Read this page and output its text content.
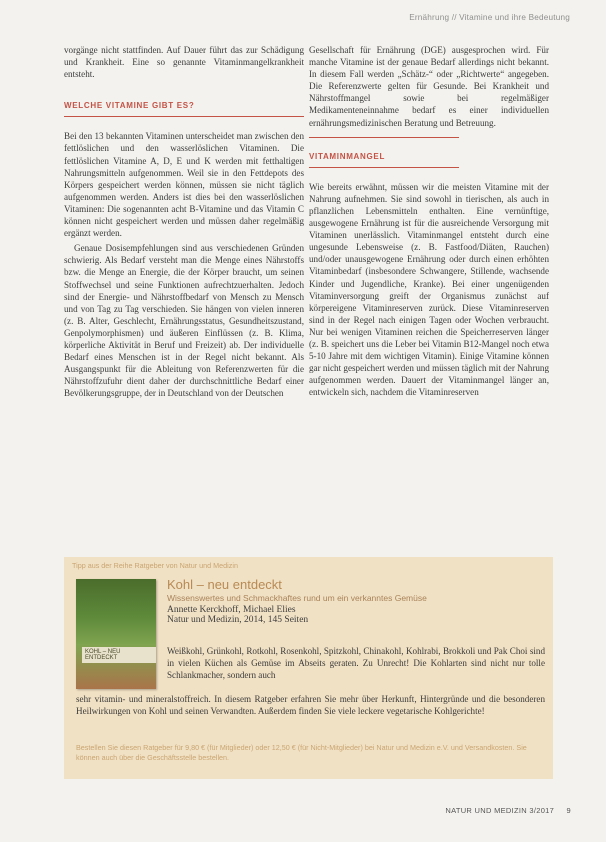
Ernährung // Vitamine und ihre Bedeutung

vorgänge nicht stattfinden. Auf Dauer führt das zur Schädigung und Krankheit. Eine so genannte Vitaminmangelkrankheit entsteht.

WELCHE VITAMINE GIBT ES?

Bei den 13 bekannten Vitaminen unterscheidet man zwischen den fettlöslichen und den wasserlöslichen Vitaminen. Die fettlöslichen Vitamine A, D, E und K werden mit fetthaltigen Nahrungsmitteln aufgenommen. Weil sie in den Fettdepots des Körpers gespeichert werden können, müssen sie nicht täglich aufgenommen werden. Anders ist dies bei den wasserlöslichen Vitaminen: Die sogenannten acht B-Vitamine und das Vitamin C können nicht gespeichert werden und müssen daher regelmäßig ergänzt werden.

Genaue Dosisempfehlungen sind aus verschiedenen Gründen schwierig. Als Bedarf versteht man die Menge eines Nährstoffs bzw. die Menge an Energie, die der Körper braucht, um seinen Stoffwechsel und seine Funktionen aufrechtzuerhalten. Jedoch sind der Energie- und Nährstoffbedarf von Mensch zu Mensch und von Tag zu Tag verschieden. Sie hängen von vielen inneren (z. B. Alter, Geschlecht, Ernährungsstatus, Gesundheitszustand, Genpolymorphismen) und äußeren Einflüssen (z. B. Klima, körperliche Aktivität in Beruf und Freizeit) ab. Der individuelle Bedarf eines Menschen ist in der Regel nicht bekannt. Als Ausgangspunkt für die Ableitung von Referenzwerten für die Nährstoffzufuhr dient daher der durchschnittliche Bedarf einer Bevölkerungsgruppe, der in Deutschland von der Deutschen

Gesellschaft für Ernährung (DGE) ausgesprochen wird. Für manche Vitamine ist der genaue Bedarf allerdings nicht bekannt. In diesem Fall werden „Schätz-“ oder „Richtwerte“ angegeben. Die Referenzwerte gelten für Gesunde. Bei Krankheit und Nährstoffmangel sowie bei regelmäßiger Medikamenteneinnahme bedarf es einer individuellen ernährungsmedizinischen Beratung und Betreuung.

VITAMINMANGEL

Wie bereits erwähnt, müssen wir die meisten Vitamine mit der Nahrung aufnehmen. Sie sind sowohl in tierischen, als auch in pflanzlichen Lebensmitteln enthalten. Eine vernünftige, ausgewogene Ernährung ist für die ausreichende Versorgung mit Vitaminen unerlässlich. Vitaminmangel entsteht durch eine ungesunde Lebensweise (z. B. Fastfood/Diäten, Rauchen) und/oder unausgewogene Ernährung oder durch einen erhöhten Vitaminbedarf (insbesondere Schwangere, Stillende, wachsende Kinder und Jugendliche, Kranke). Bei einer ungenügenden Vitaminversorgung greift der Organismus zunächst auf körpereigene Vitaminreserven zurück. Diese Vitaminreserven sind in der Regel nach einigen Tagen oder Wochen verbraucht. Nur bei wenigen Vitaminen reichen die Speicherreserven länger (z. B. speichert uns die Leber bei Vitamin B12-Mangel noch etwa 5-10 Jahre mit dem wichtigen Vitamin). Einige Vitamine können gar nicht gespeichert werden und müssen täglich mit der Nahrung aufgenommen werden. Dauert der Vitaminmangel länger an, entwickeln sich, nachdem die Vitaminreserven

Tipp aus der Reihe Ratgeber von Natur und Medizin
KOHL – NEU ENTDECKT
Kohl – neu entdeckt
Wissenswertes und Schmackhaftes rund um ein verkanntes Gemüse
Annette Kerckhoff, Michael Elies
Natur und Medizin, 2014, 145 Seiten

Weißkohl, Grünkohl, Rotkohl, Rosenkohl, Spitzkohl, Chinakohl, Kohlrabi, Brokkoli und Pak Choi sind in vielen Küchen als Gemüse im Abseits geraten. Zu Unrecht! Die Kohlarten sind nicht nur tolle Schlankmacher, sondern auch

sehr vitamin- und mineralstoffreich. In diesem Ratgeber erfahren Sie mehr über Herkunft, Hintergründe und die besonderen Heilwirkungen von Kohl und seinen Verwandten. Außerdem finden Sie viele leckere vegetarische Kohlgerichte!

Bestellen Sie diesen Ratgeber für 9,80 € (für Mitglieder) oder 12,50 € (für Nicht-Mitglieder) bei Natur und Medizin e.V. und Versandkosten. Sie können auch über die Geschäftsstelle bestellen.

NATUR UND MEDIZIN 3/2017 9
